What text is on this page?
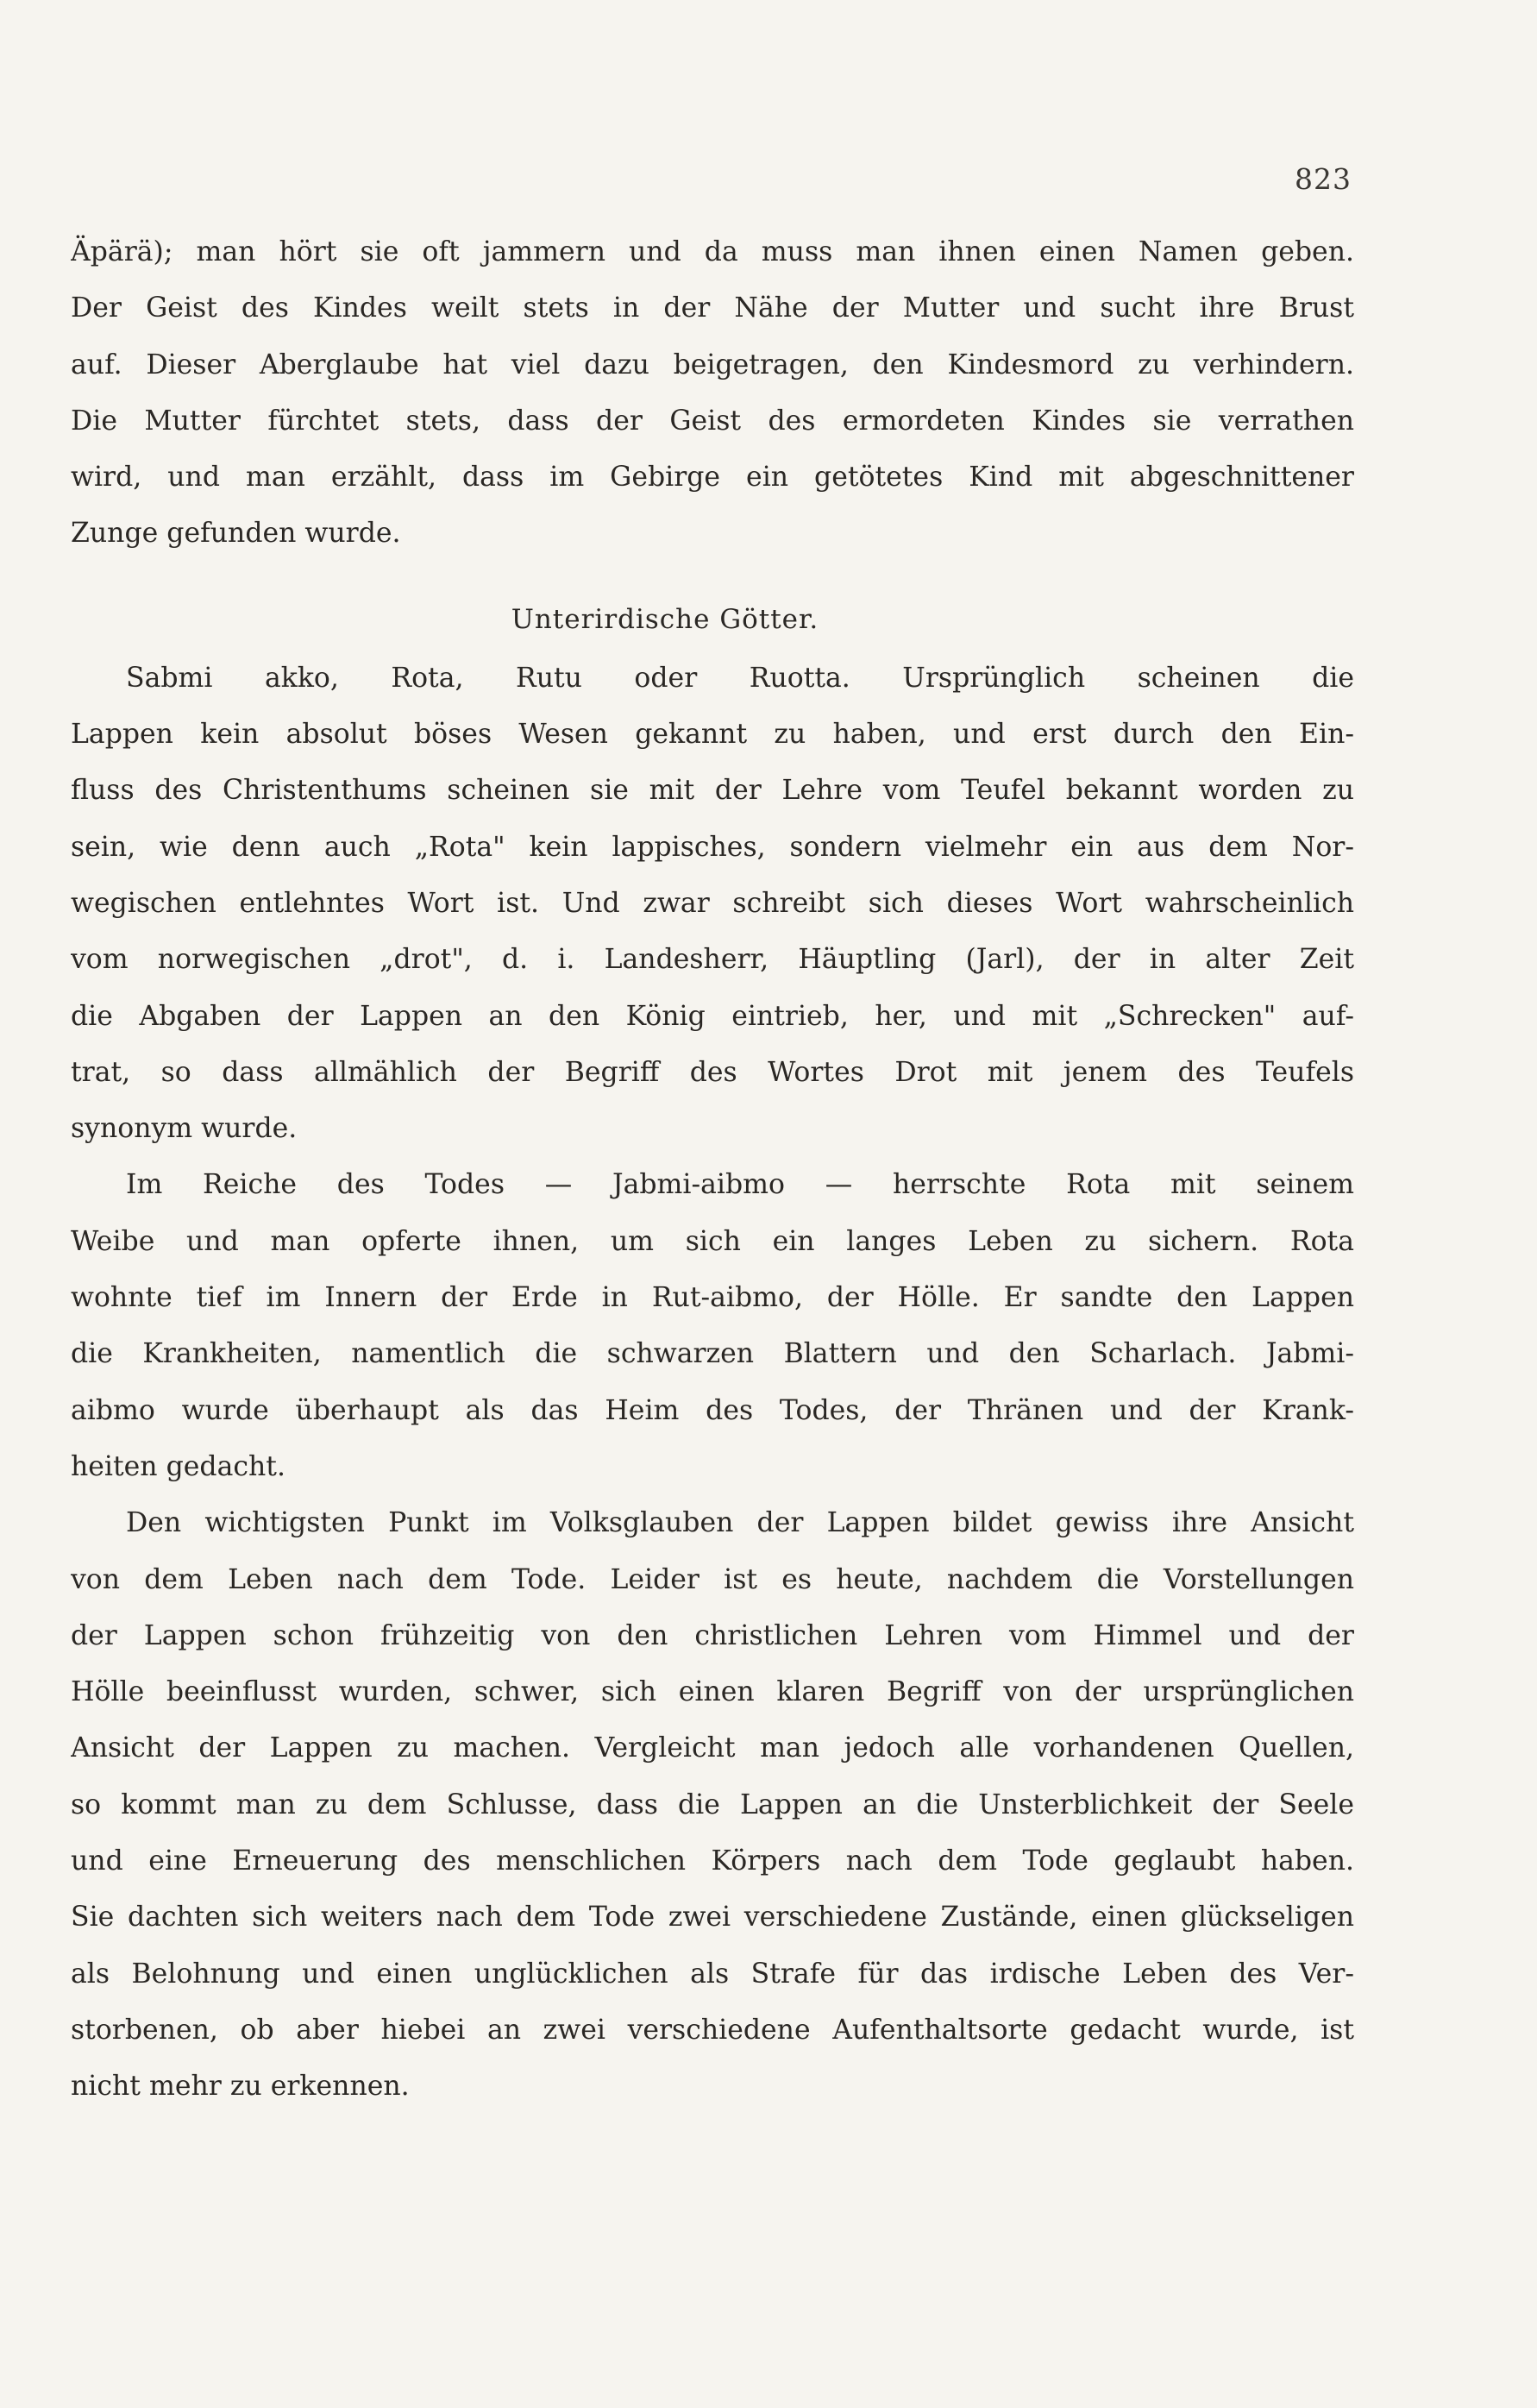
823

Äpärä); man hört sie oft jammern und da muss man ihnen einen Namen geben.
Der Geist des Kindes weilt stets in der Nähe der Mutter und sucht ihre Brust
auf. Dieser Aberglaube hat viel dazu beigetragen, den Kindesmord zu verhindern.
Die Mutter fürchtet stets, dass der Geist des ermordeten Kindes sie verrathen
wird, und man erzählt, dass im Gebirge ein getötetes Kind mit abgeschnittener
Zunge gefunden wurde.

Unterirdische Götter.

Sabmi akko, Rota, Rutu oder Ruotta. Ursprünglich scheinen die
Lappen kein absolut böses Wesen gekannt zu haben, und erst durch den Ein-
fluss des Christenthums scheinen sie mit der Lehre vom Teufel bekannt worden zu
sein, wie denn auch „Rota" kein lappisches, sondern vielmehr ein aus dem Nor-
wegischen entlehntes Wort ist. Und zwar schreibt sich dieses Wort wahrscheinlich
vom norwegischen „drot", d. i. Landesherr, Häuptling (Jarl), der in alter Zeit
die Abgaben der Lappen an den König eintrieb, her, und mit „Schrecken" auf-
trat, so dass allmählich der Begriff des Wortes Drot mit jenem des Teufels
synonym wurde.

Im Reiche des Todes — Jabmi-aibmo — herrschte Rota mit seinem
Weibe und man opferte ihnen, um sich ein langes Leben zu sichern. Rota
wohnte tief im Innern der Erde in Rut-aibmo, der Hölle. Er sandte den Lappen
die Krankheiten, namentlich die schwarzen Blattern und den Scharlach. Jabmi-
aibmo wurde überhaupt als das Heim des Todes, der Thränen und der Krank-
heiten gedacht.

Den wichtigsten Punkt im Volksglauben der Lappen bildet gewiss ihre Ansicht
von dem Leben nach dem Tode. Leider ist es heute, nachdem die Vorstellungen
der Lappen schon frühzeitig von den christlichen Lehren vom Himmel und der
Hölle beeinflusst wurden, schwer, sich einen klaren Begriff von der ursprünglichen
Ansicht der Lappen zu machen. Vergleicht man jedoch alle vorhandenen Quellen,
so kommt man zu dem Schlusse, dass die Lappen an die Unsterblichkeit der Seele
und eine Erneuerung des menschlichen Körpers nach dem Tode geglaubt haben.
Sie dachten sich weiters nach dem Tode zwei verschiedene Zustände, einen glückseligen
als Belohnung und einen unglücklichen als Strafe für das irdische Leben des Ver-
storbenen, ob aber hiebei an zwei verschiedene Aufenthaltsorte gedacht wurde, ist
nicht mehr zu erkennen.
